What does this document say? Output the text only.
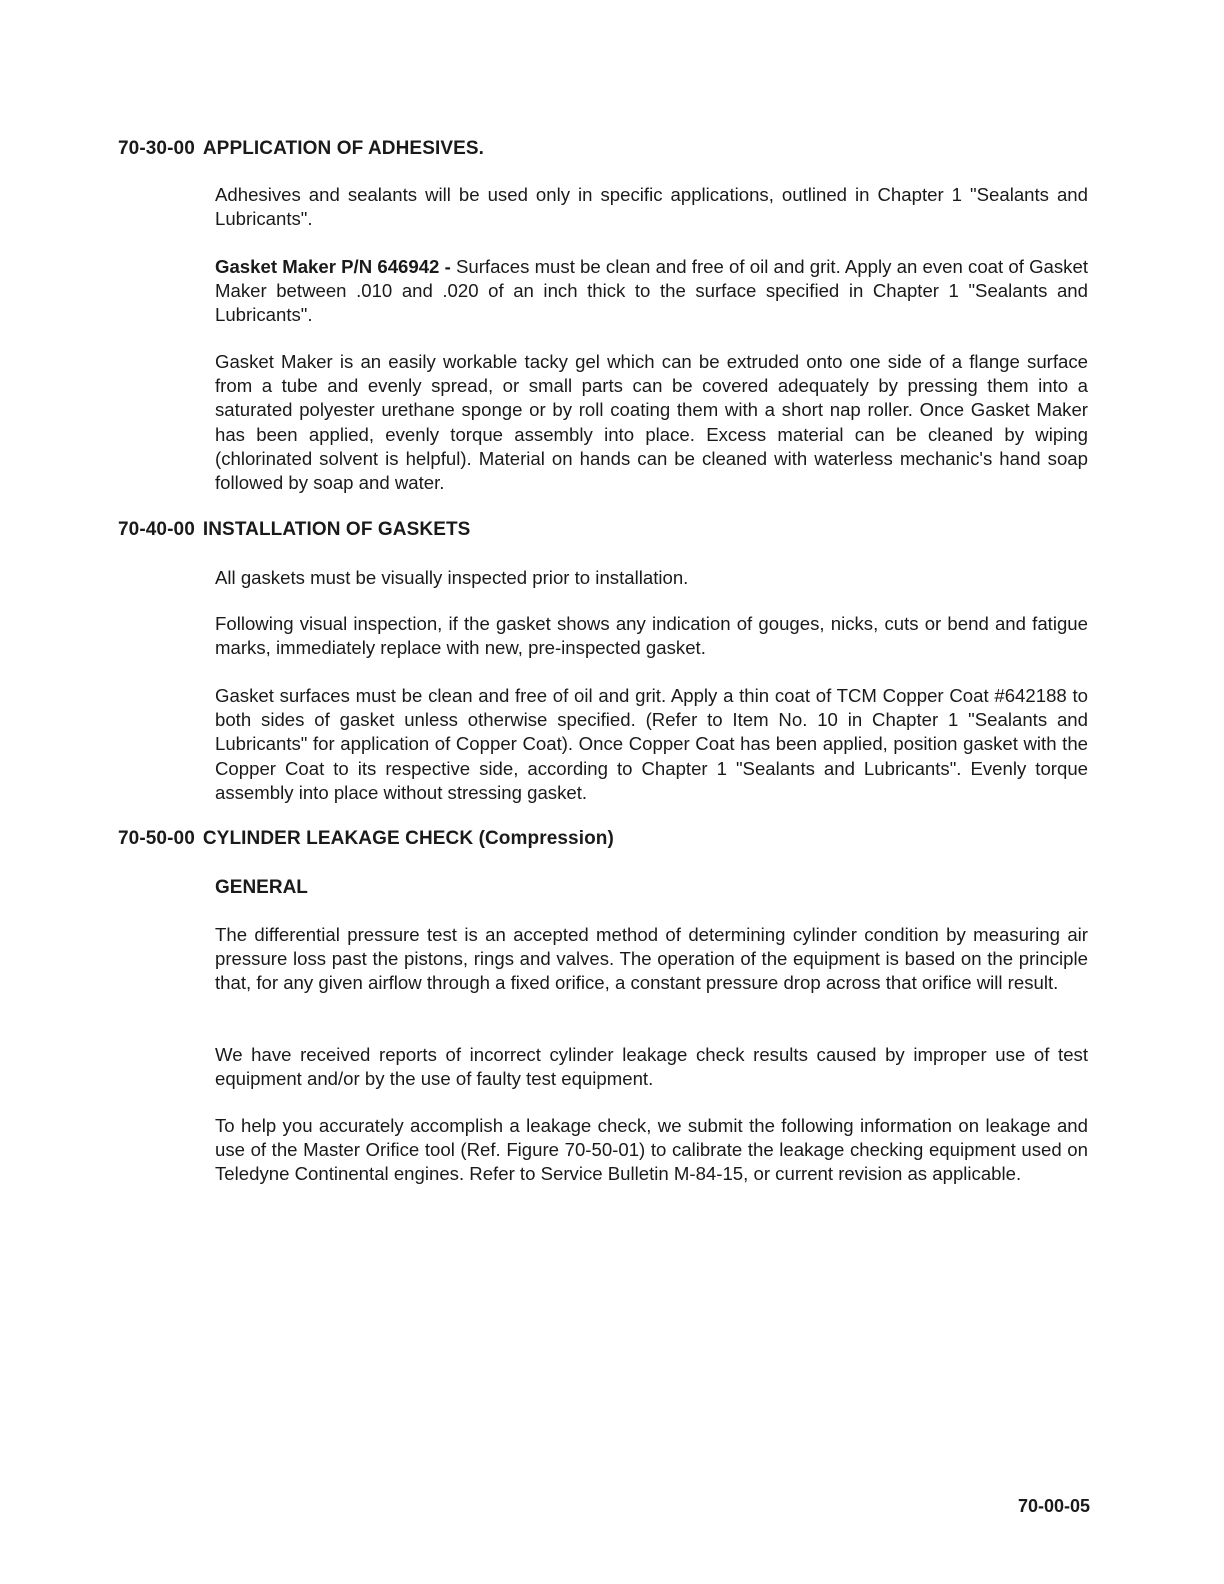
70-30-00 APPLICATION OF ADHESIVES.
Adhesives and sealants will be used only in specific applications, outlined in Chapter 1 "Sealants and Lubricants".
Gasket Maker P/N 646942 - Surfaces must be clean and free of oil and grit. Apply an even coat of Gasket Maker between .010 and .020 of an inch thick to the surface specified in Chapter 1 "Sealants and Lubricants".
Gasket Maker is an easily workable tacky gel which can be extruded onto one side of a flange surface from a tube and evenly spread, or small parts can be covered adequately by pressing them into a saturated polyester urethane sponge or by roll coating them with a short nap roller. Once Gasket Maker has been applied, evenly torque assembly into place. Excess material can be cleaned by wiping (chlorinated solvent is helpful). Material on hands can be cleaned with waterless mechanic's hand soap followed by soap and water.
70-40-00 INSTALLATION OF GASKETS
All gaskets must be visually inspected prior to installation.
Following visual inspection, if the gasket shows any indication of gouges, nicks, cuts or bend and fatigue marks, immediately replace with new, pre-inspected gasket.
Gasket surfaces must be clean and free of oil and grit. Apply a thin coat of TCM Copper Coat #642188 to both sides of gasket unless otherwise specified. (Refer to Item No. 10 in Chapter 1 "Sealants and Lubricants" for application of Copper Coat). Once Copper Coat has been applied, position gasket with the Copper Coat to its respective side, according to Chapter 1 "Sealants and Lubricants". Evenly torque assembly into place without stressing gasket.
70-50-00 CYLINDER LEAKAGE CHECK (Compression)
GENERAL
The differential pressure test is an accepted method of determining cylinder condition by measuring air pressure loss past the pistons, rings and valves. The operation of the equipment is based on the principle that, for any given airflow through a fixed orifice, a constant pressure drop across that orifice will result.
We have received reports of incorrect cylinder leakage check results caused by improper use of test equipment and/or by the use of faulty test equipment.
To help you accurately accomplish a leakage check, we submit the following information on leakage and use of the Master Orifice tool (Ref. Figure 70-50-01) to calibrate the leakage checking equipment used on Teledyne Continental engines. Refer to Service Bulletin M-84-15, or current revision as applicable.
70-00-05
